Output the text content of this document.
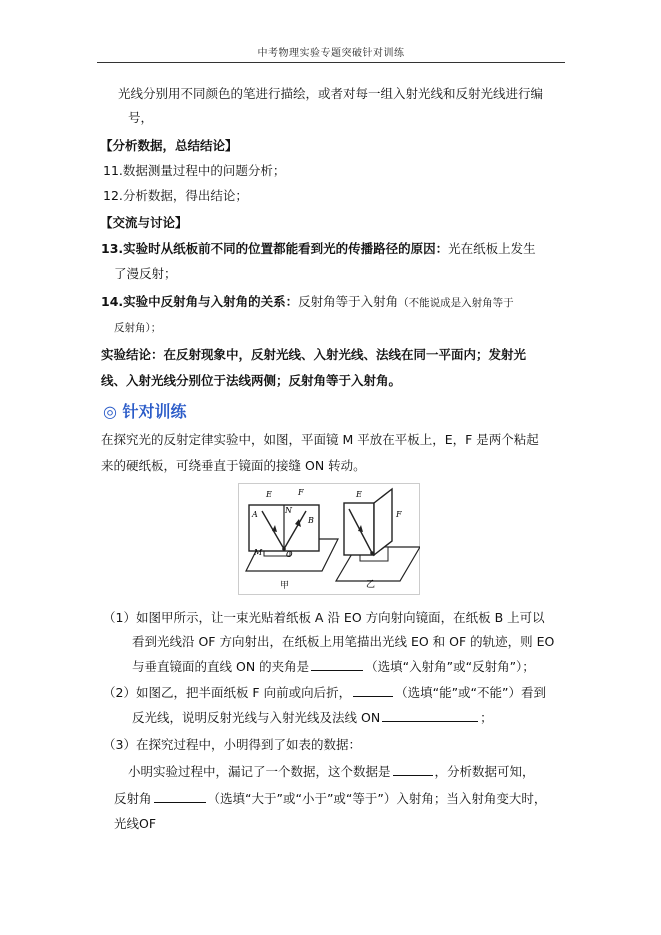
中考物理实验专题突破针对训练
光线分别用不同颜色的笔进行描绘，或者对每一组入射光线和反射光线进行编
号，
【分析数据，总结结论】
11.数据测量过程中的问题分析；
12.分析数据，得出结论；
【交流与讨论】
13.实验时从纸板前不同的位置都能看到光的传播路径的原因：光在纸板上发生
了漫反射；
14.实验中反射角与入射角的关系：反射角等于入射角（不能说成是入射角等于
反射角）；
实验结论：在反射现象中，反射光线、入射光线、法线在同一平面内；发射光
线、入射光线分别位于法线两侧；反射角等于入射角。
◎ 针对训练
在探究光的反射定律实验中，如图，平面镜 M 平放在平板上，E，F 是两个粘起
来的硬纸板，可绕垂直于镜面的接缝 ON 转动。
E	F
N
A
B
O
M
甲
E
F
乙
（1）如图甲所示，让一束光贴着纸板 A 沿 EO 方向射向镜面，在纸板 B 上可以
看到光线沿 OF 方向射出，在纸板上用笔描出光线 EO 和 OF 的轨迹，则 EO
与垂直镜面的直线 ON 的夹角是	（选填“入射角”或“反射角”）；
（2）如图乙，把半面纸板 F 向前或向后折，	（选填“能”或“不能”）看到
反光线，说明反射光线与入射光线及法线 ON	；
（3）在探究过程中，小明得到了如表的数据：
小明实验过程中，漏记了一个数据，这个数据是	，分析数据可知，
反射角	（选填“大于”或“小于”或“等于”）入射角；当入射角变大时，
光线OF
